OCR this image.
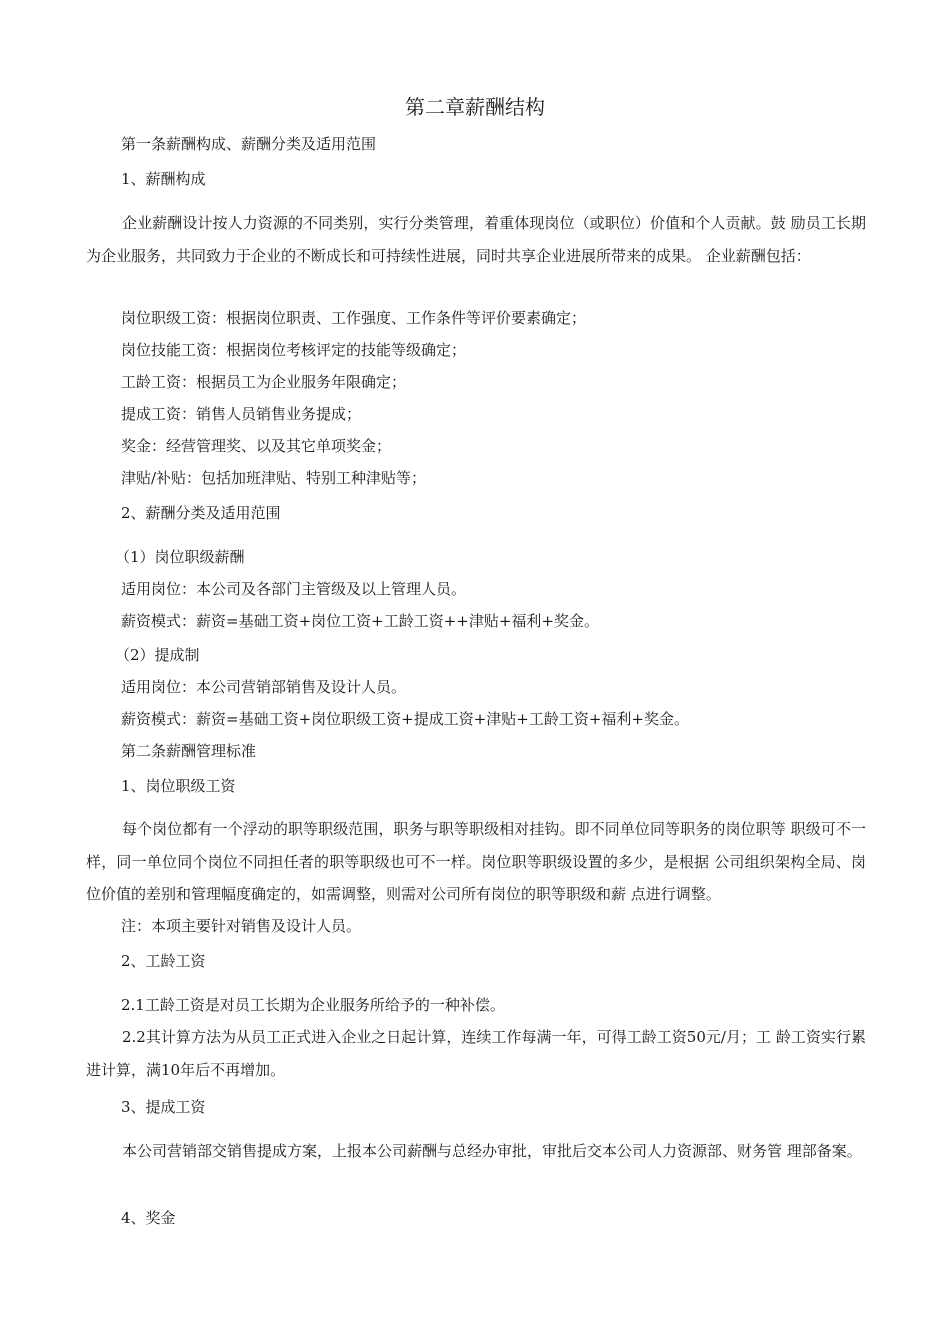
第二章薪酬结构
第一条薪酬构成、薪酬分类及适用范围
1、薪酬构成
企业薪酬设计按人力资源的不同类别，实行分类管理，着重体现岗位（或职位）价值和个人贡献。鼓 励员工长期为企业服务，共同致力于企业的不断成长和可持续性进展，同时共享企业进展所带来的成果。 企业薪酬包括：
岗位职级工资：根据岗位职责、工作强度、工作条件等评价要素确定；
岗位技能工资：根据岗位考核评定的技能等级确定；
工龄工资：根据员工为企业服务年限确定；
提成工资：销售人员销售业务提成；
奖金：经营管理奖、以及其它单项奖金；
津贴/补贴：包括加班津贴、特别工种津贴等；
2、薪酬分类及适用范围
（1）岗位职级薪酬
适用岗位：本公司及各部门主管级及以上管理人员。
薪资模式：薪资=基础工资+岗位工资+工龄工资++津贴+福利+奖金。
（2）提成制
适用岗位：本公司营销部销售及设计人员。
薪资模式：薪资=基础工资+岗位职级工资+提成工资+津贴+工龄工资+福利+奖金。
第二条薪酬管理标准
1、岗位职级工资
每个岗位都有一个浮动的职等职级范围，职务与职等职级相对挂钩。即不同单位同等职务的岗位职等 职级可不一样，同一单位同个岗位不同担任者的职等职级也可不一样。岗位职等职级设置的多少，是根据 公司组织架构全局、岗位价值的差别和管理幅度确定的，如需调整，则需对公司所有岗位的职等职级和薪 点进行调整。
注：本项主要针对销售及设计人员。
2、工龄工资
2.1工龄工资是对员工长期为企业服务所给予的一种补偿。
2.2其计算方法为从员工正式进入企业之日起计算，连续工作每满一年，可得工龄工资50元/月；工 龄工资实行累进计算，满10年后不再增加。
3、提成工资
本公司营销部交销售提成方案，上报本公司薪酬与总经办审批，审批后交本公司人力资源部、财务管 理部备案。
4、奖金
